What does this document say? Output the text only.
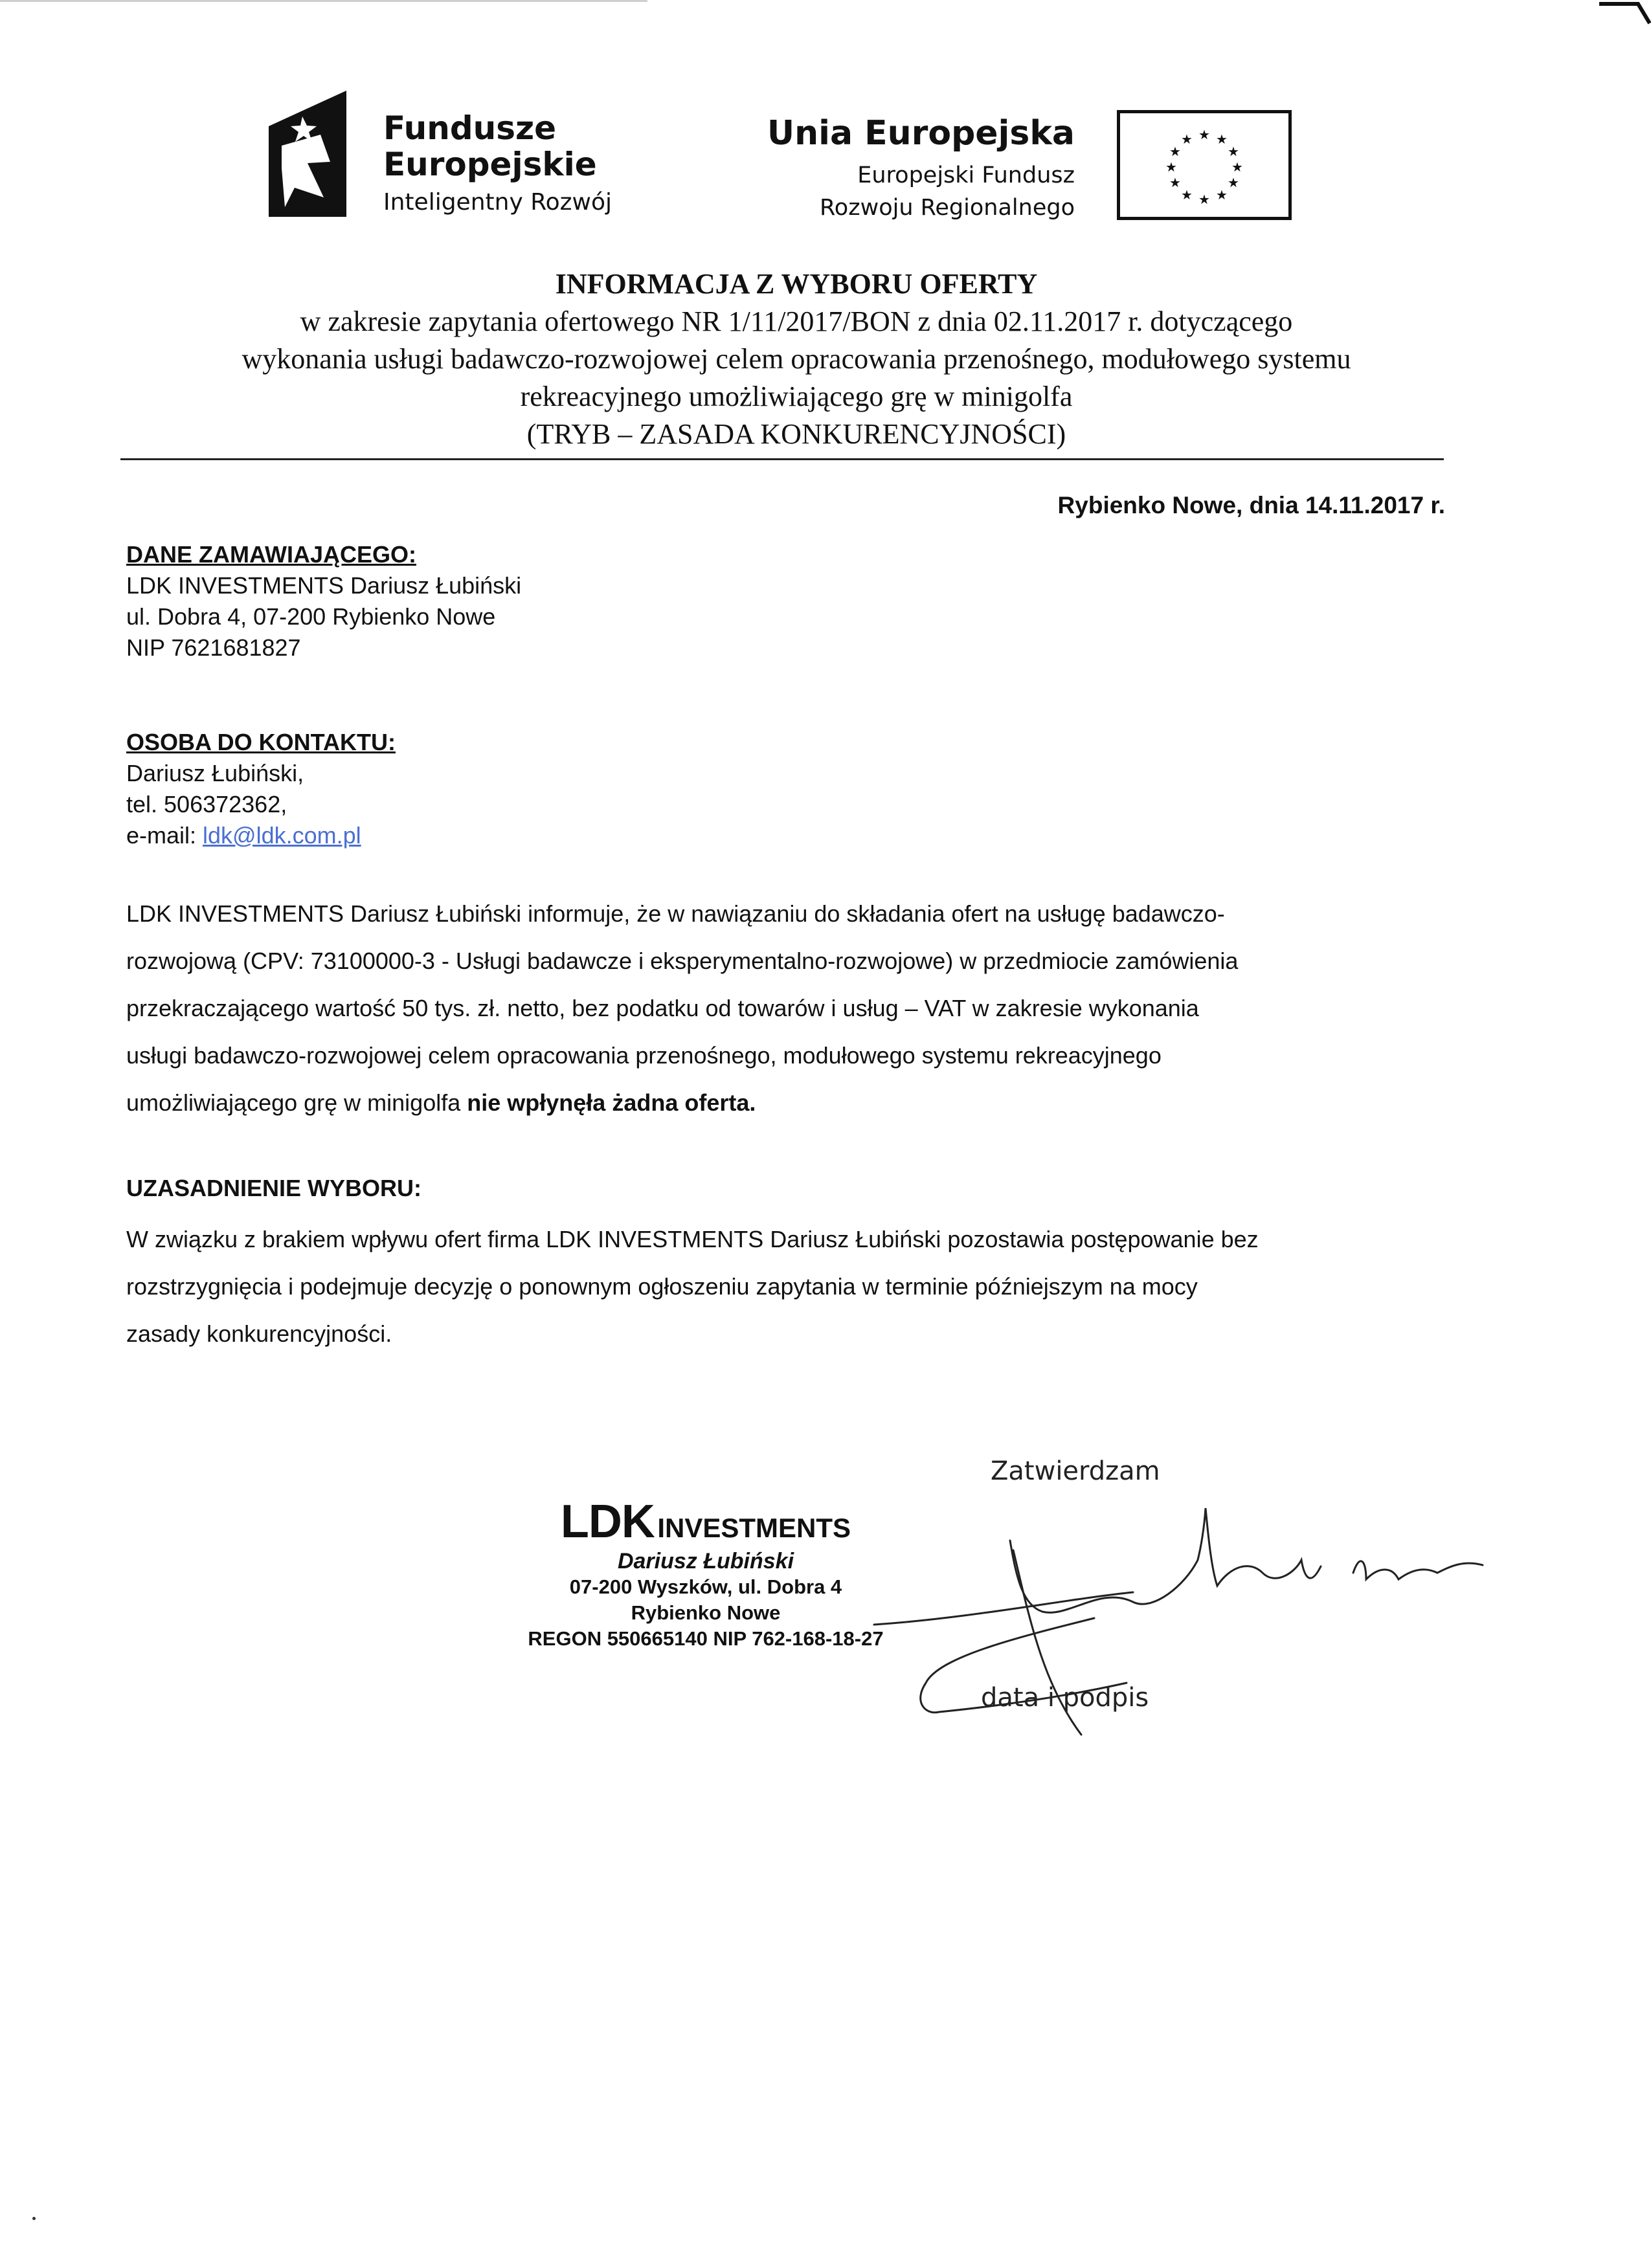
Fundusze
Europejskie
Inteligentny Rozwój
Unia Europejska
Europejski Fundusz
Rozwoju Regionalnego
★ ★
★
★
★
★
★
★
★
★
★
★
INFORMACJA Z WYBORU OFERTY
w zakresie zapytania ofertowego NR 1/11/2017/BON z dnia 02.11.2017 r. dotyczącego
wykonania usługi badawczo-rozwojowej celem opracowania przenośnego, modułowego systemu
rekreacyjnego umożliwiającego grę w minigolfa
(TRYB – ZASADA KONKURENCYJNOŚCI)
Rybienko Nowe, dnia 14.11.2017 r.
DANE ZAMAWIAJĄCEGO:
LDK INVESTMENTS Dariusz Łubiński
ul. Dobra 4, 07-200 Rybienko Nowe
NIP 7621681827
OSOBA DO KONTAKTU:
Dariusz Łubiński,
tel. 506372362,
e-mail: ldk@ldk.com.pl
LDK INVESTMENTS Dariusz Łubiński informuje, że w nawiązaniu do składania ofert na usługę badawczo-
rozwojową (CPV: 73100000-3 - Usługi badawcze i eksperymentalno-rozwojowe) w przedmiocie zamówienia
przekraczającego wartość 50 tys. zł. netto, bez podatku od towarów i usług – VAT w zakresie wykonania
usługi badawczo-rozwojowej celem opracowania przenośnego, modułowego systemu rekreacyjnego
umożliwiającego grę w minigolfa nie wpłynęła żadna oferta.
UZASADNIENIE WYBORU:
W związku z brakiem wpływu ofert firma LDK INVESTMENTS Dariusz Łubiński pozostawia postępowanie bez
rozstrzygnięcia i podejmuje decyzję o ponownym ogłoszeniu zapytania w terminie późniejszym na mocy
zasady konkurencyjności.
Zatwierdzam
LDK INVESTMENTS
Dariusz Łubiński
07-200 Wyszków, ul. Dobra 4
Rybienko Nowe
REGON 550665140 NIP 762-168-18-27
data i podpis
